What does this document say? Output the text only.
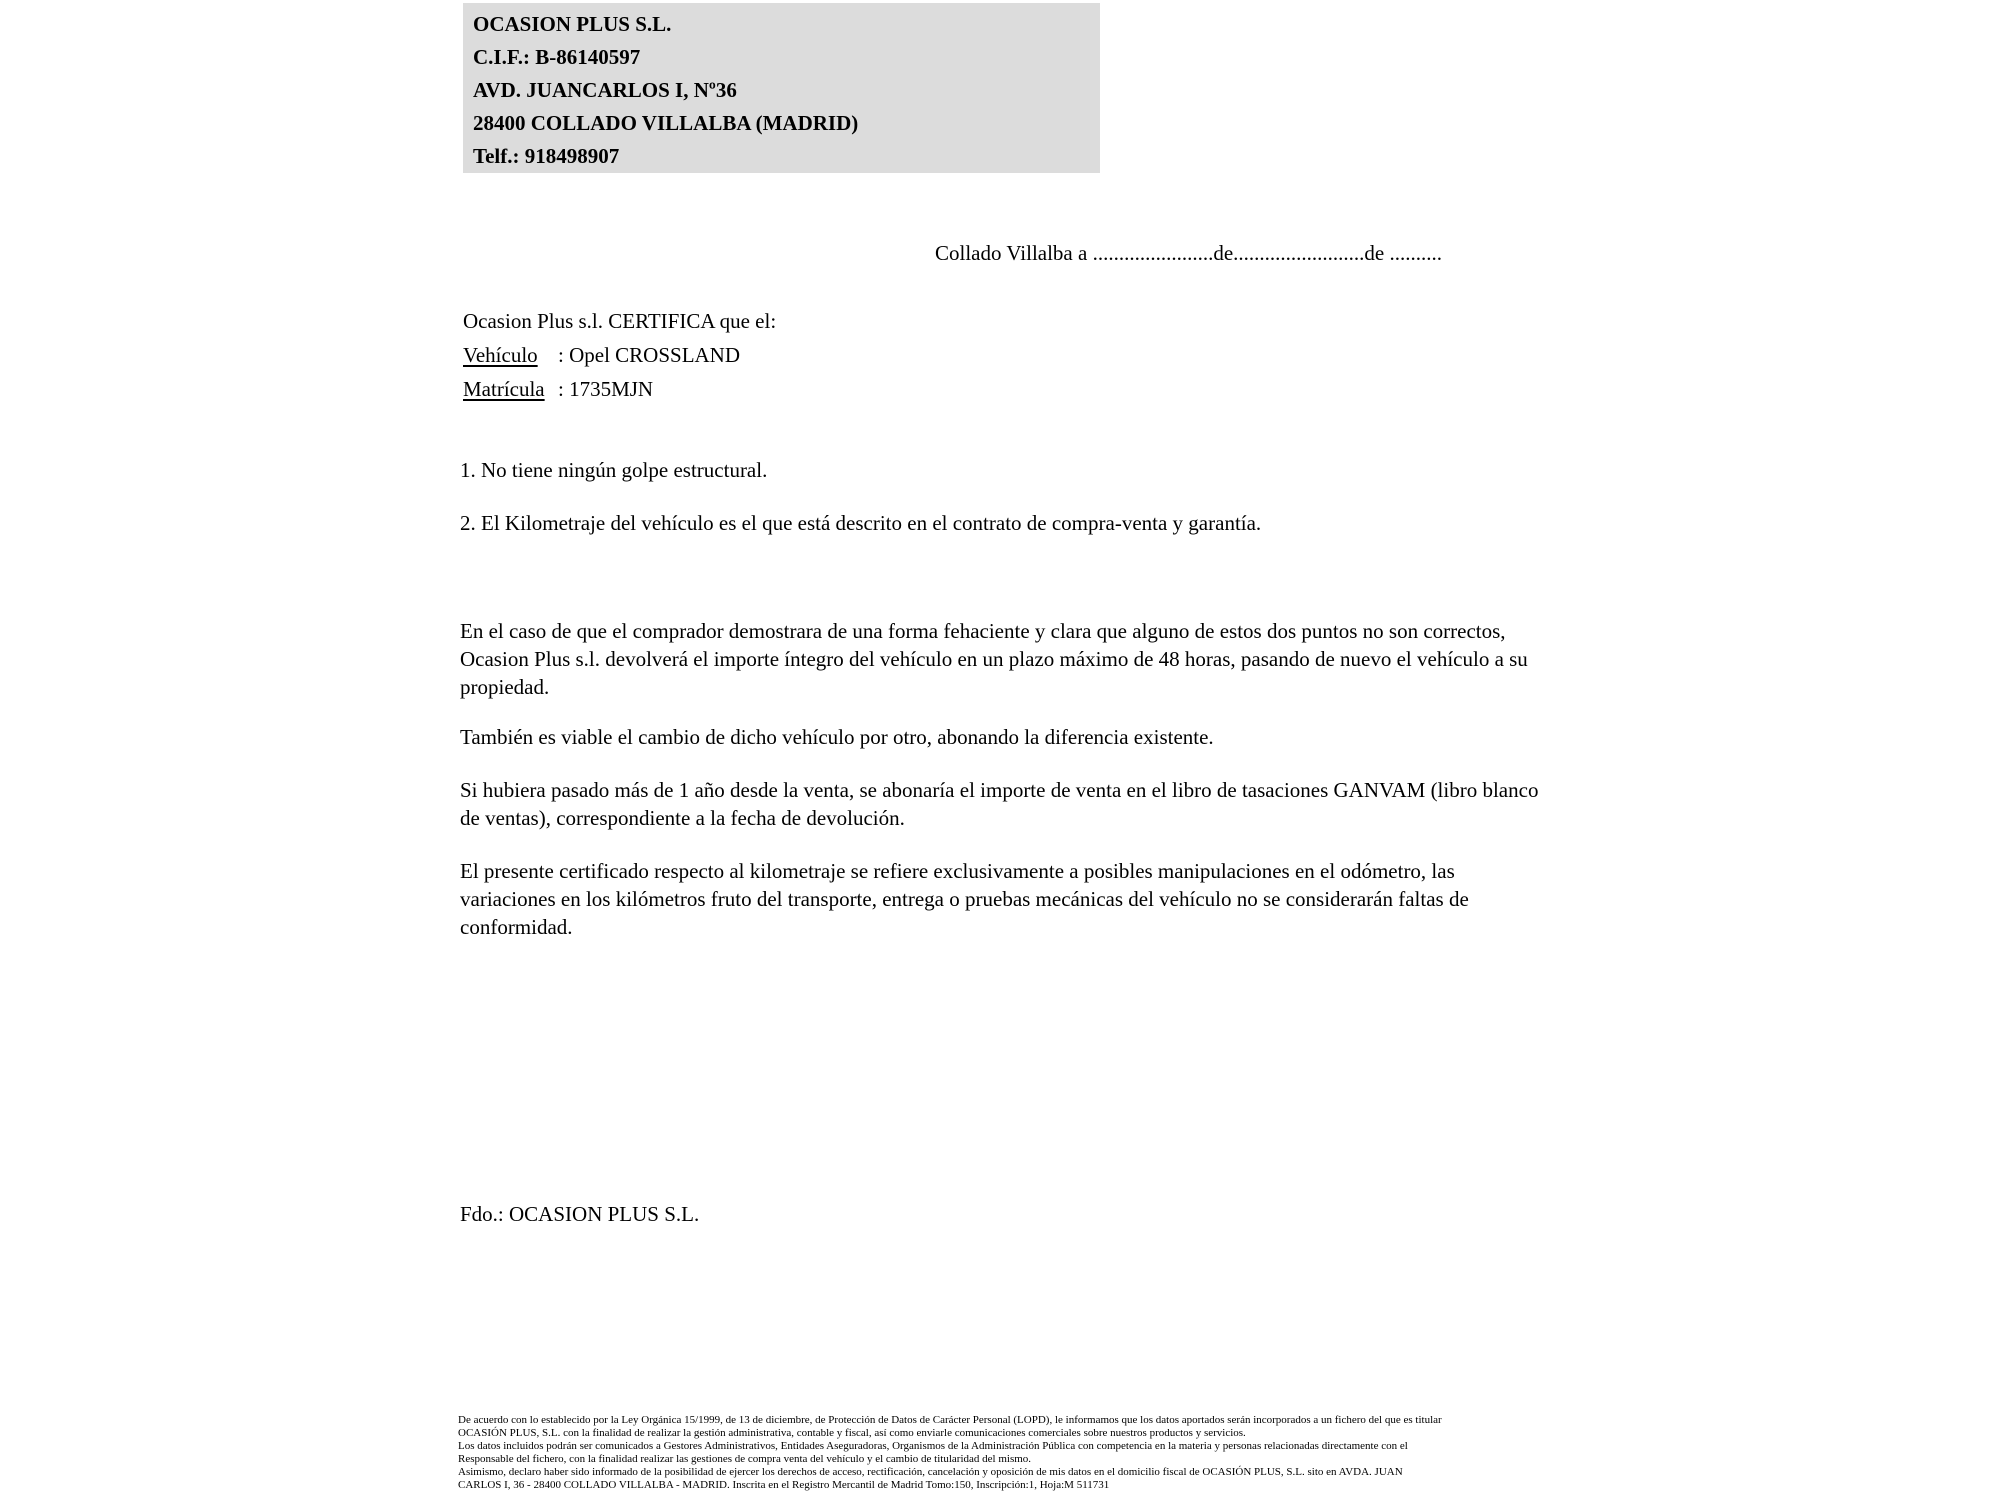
OCASION PLUS S.L.
C.I.F.: B-86140597
AVD. JUANCARLOS I, Nº36
28400 COLLADO VILLALBA (MADRID)
Telf.: 918498907
Collado Villalba a .......................de.........................de ..........
Ocasion Plus s.l. CERTIFICA que el:
Vehículo : Opel CROSSLAND
Matrícula : 1735MJN
1. No tiene ningún golpe estructural.
2. El Kilometraje del vehículo es el que está descrito en el contrato de compra-venta y garantía.
En el caso de que el comprador demostrara de una forma fehaciente y clara que alguno de estos dos puntos no son correctos, Ocasion Plus s.l. devolverá el importe íntegro del vehículo en un plazo máximo de 48 horas, pasando de nuevo el vehículo a su propiedad.
También es viable el cambio de dicho vehículo por otro, abonando la diferencia existente.
Si hubiera pasado más de 1 año desde la venta, se abonaría el importe de venta en el libro de tasaciones GANVAM (libro blanco de ventas), correspondiente a la fecha de devolución.
El presente certificado respecto al kilometraje se refiere exclusivamente a posibles manipulaciones en el odómetro, las variaciones en los kilómetros fruto del transporte, entrega o pruebas mecánicas del vehículo no se considerarán faltas de conformidad.
Fdo.: OCASION PLUS S.L.
De acuerdo con lo establecido por la Ley Orgánica 15/1999, de 13 de diciembre, de Protección de Datos de Carácter Personal (LOPD), le informamos que los datos aportados serán incorporados a un fichero del que es titular
OCASIÓN PLUS, S.L. con la finalidad de realizar la gestión administrativa, contable y fiscal, así como enviarle comunicaciones comerciales sobre nuestros productos y servicios.
Los datos incluidos podrán ser comunicados a Gestores Administrativos, Entidades Aseguradoras, Organismos de la Administración Pública con competencia en la materia y personas relacionadas directamente con el
Responsable del fichero, con la finalidad realizar las gestiones de compra venta del vehículo y el cambio de titularidad del mismo.
Asimismo, declaro haber sido informado de la posibilidad de ejercer los derechos de acceso, rectificación, cancelación y oposición de mis datos en el domicilio fiscal de OCASIÓN PLUS, S.L. sito en AVDA. JUAN
CARLOS I, 36 - 28400 COLLADO VILLALBA - MADRID. Inscrita en el Registro Mercantil de Madrid Tomo:150, Inscripción:1, Hoja:M 511731
